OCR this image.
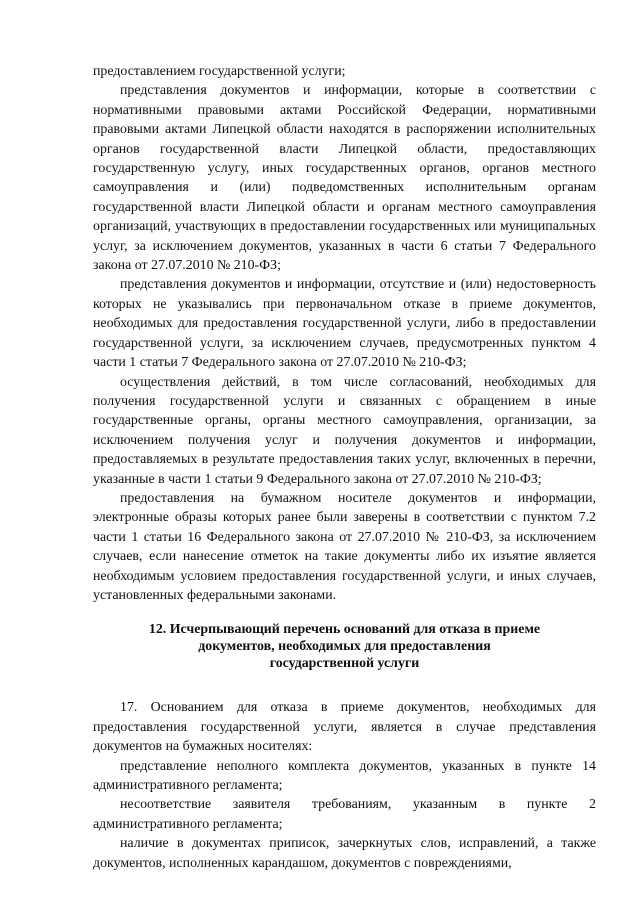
предоставлением государственной услуги;

представления документов и информации, которые в соответствии с нормативными правовыми актами Российской Федерации, нормативными правовыми актами Липецкой области находятся в распоряжении исполнительных органов государственной власти Липецкой области, предоставляющих государственную услугу, иных государственных органов, органов местного самоуправления и (или) подведомственных исполнительным органам государственной власти Липецкой области и органам местного самоуправления организаций, участвующих в предоставлении государственных или муниципальных услуг, за исключением документов, указанных в части 6 статьи 7 Федерального закона от 27.07.2010 № 210-ФЗ;

представления документов и информации, отсутствие и (или) недостоверность которых не указывались при первоначальном отказе в приеме документов, необходимых для предоставления государственной услуги, либо в предоставлении государственной услуги, за исключением случаев, предусмотренных пунктом 4 части 1 статьи 7 Федерального закона от 27.07.2010 № 210-ФЗ;

осуществления действий, в том числе согласований, необходимых для получения государственной услуги и связанных с обращением в иные государственные органы, органы местного самоуправления, организации, за исключением получения услуг и получения документов и информации, предоставляемых в результате предоставления таких услуг, включенных в перечни, указанные в части 1 статьи 9 Федерального закона от 27.07.2010 № 210-ФЗ;

предоставления на бумажном носителе документов и информации, электронные образы которых ранее были заверены в соответствии с пунктом 7.2 части 1 статьи 16 Федерального закона от 27.07.2010 № 210-ФЗ, за исключением случаев, если нанесение отметок на такие документы либо их изъятие является необходимым условием предоставления государственной услуги, и иных случаев, установленных федеральными законами.

12. Исчерпывающий перечень оснований для отказа в приеме
документов, необходимых для предоставления
государственной услуги

17. Основанием для отказа в приеме документов, необходимых для предоставления государственной услуги, является в случае представления документов на бумажных носителях:

представление неполного комплекта документов, указанных в пункте 14 административного регламента;

несоответствие заявителя требованиям, указанным в пункте 2 административного регламента;

наличие в документах приписок, зачеркнутых слов, исправлений, а также документов, исполненных карандашом, документов с повреждениями,
